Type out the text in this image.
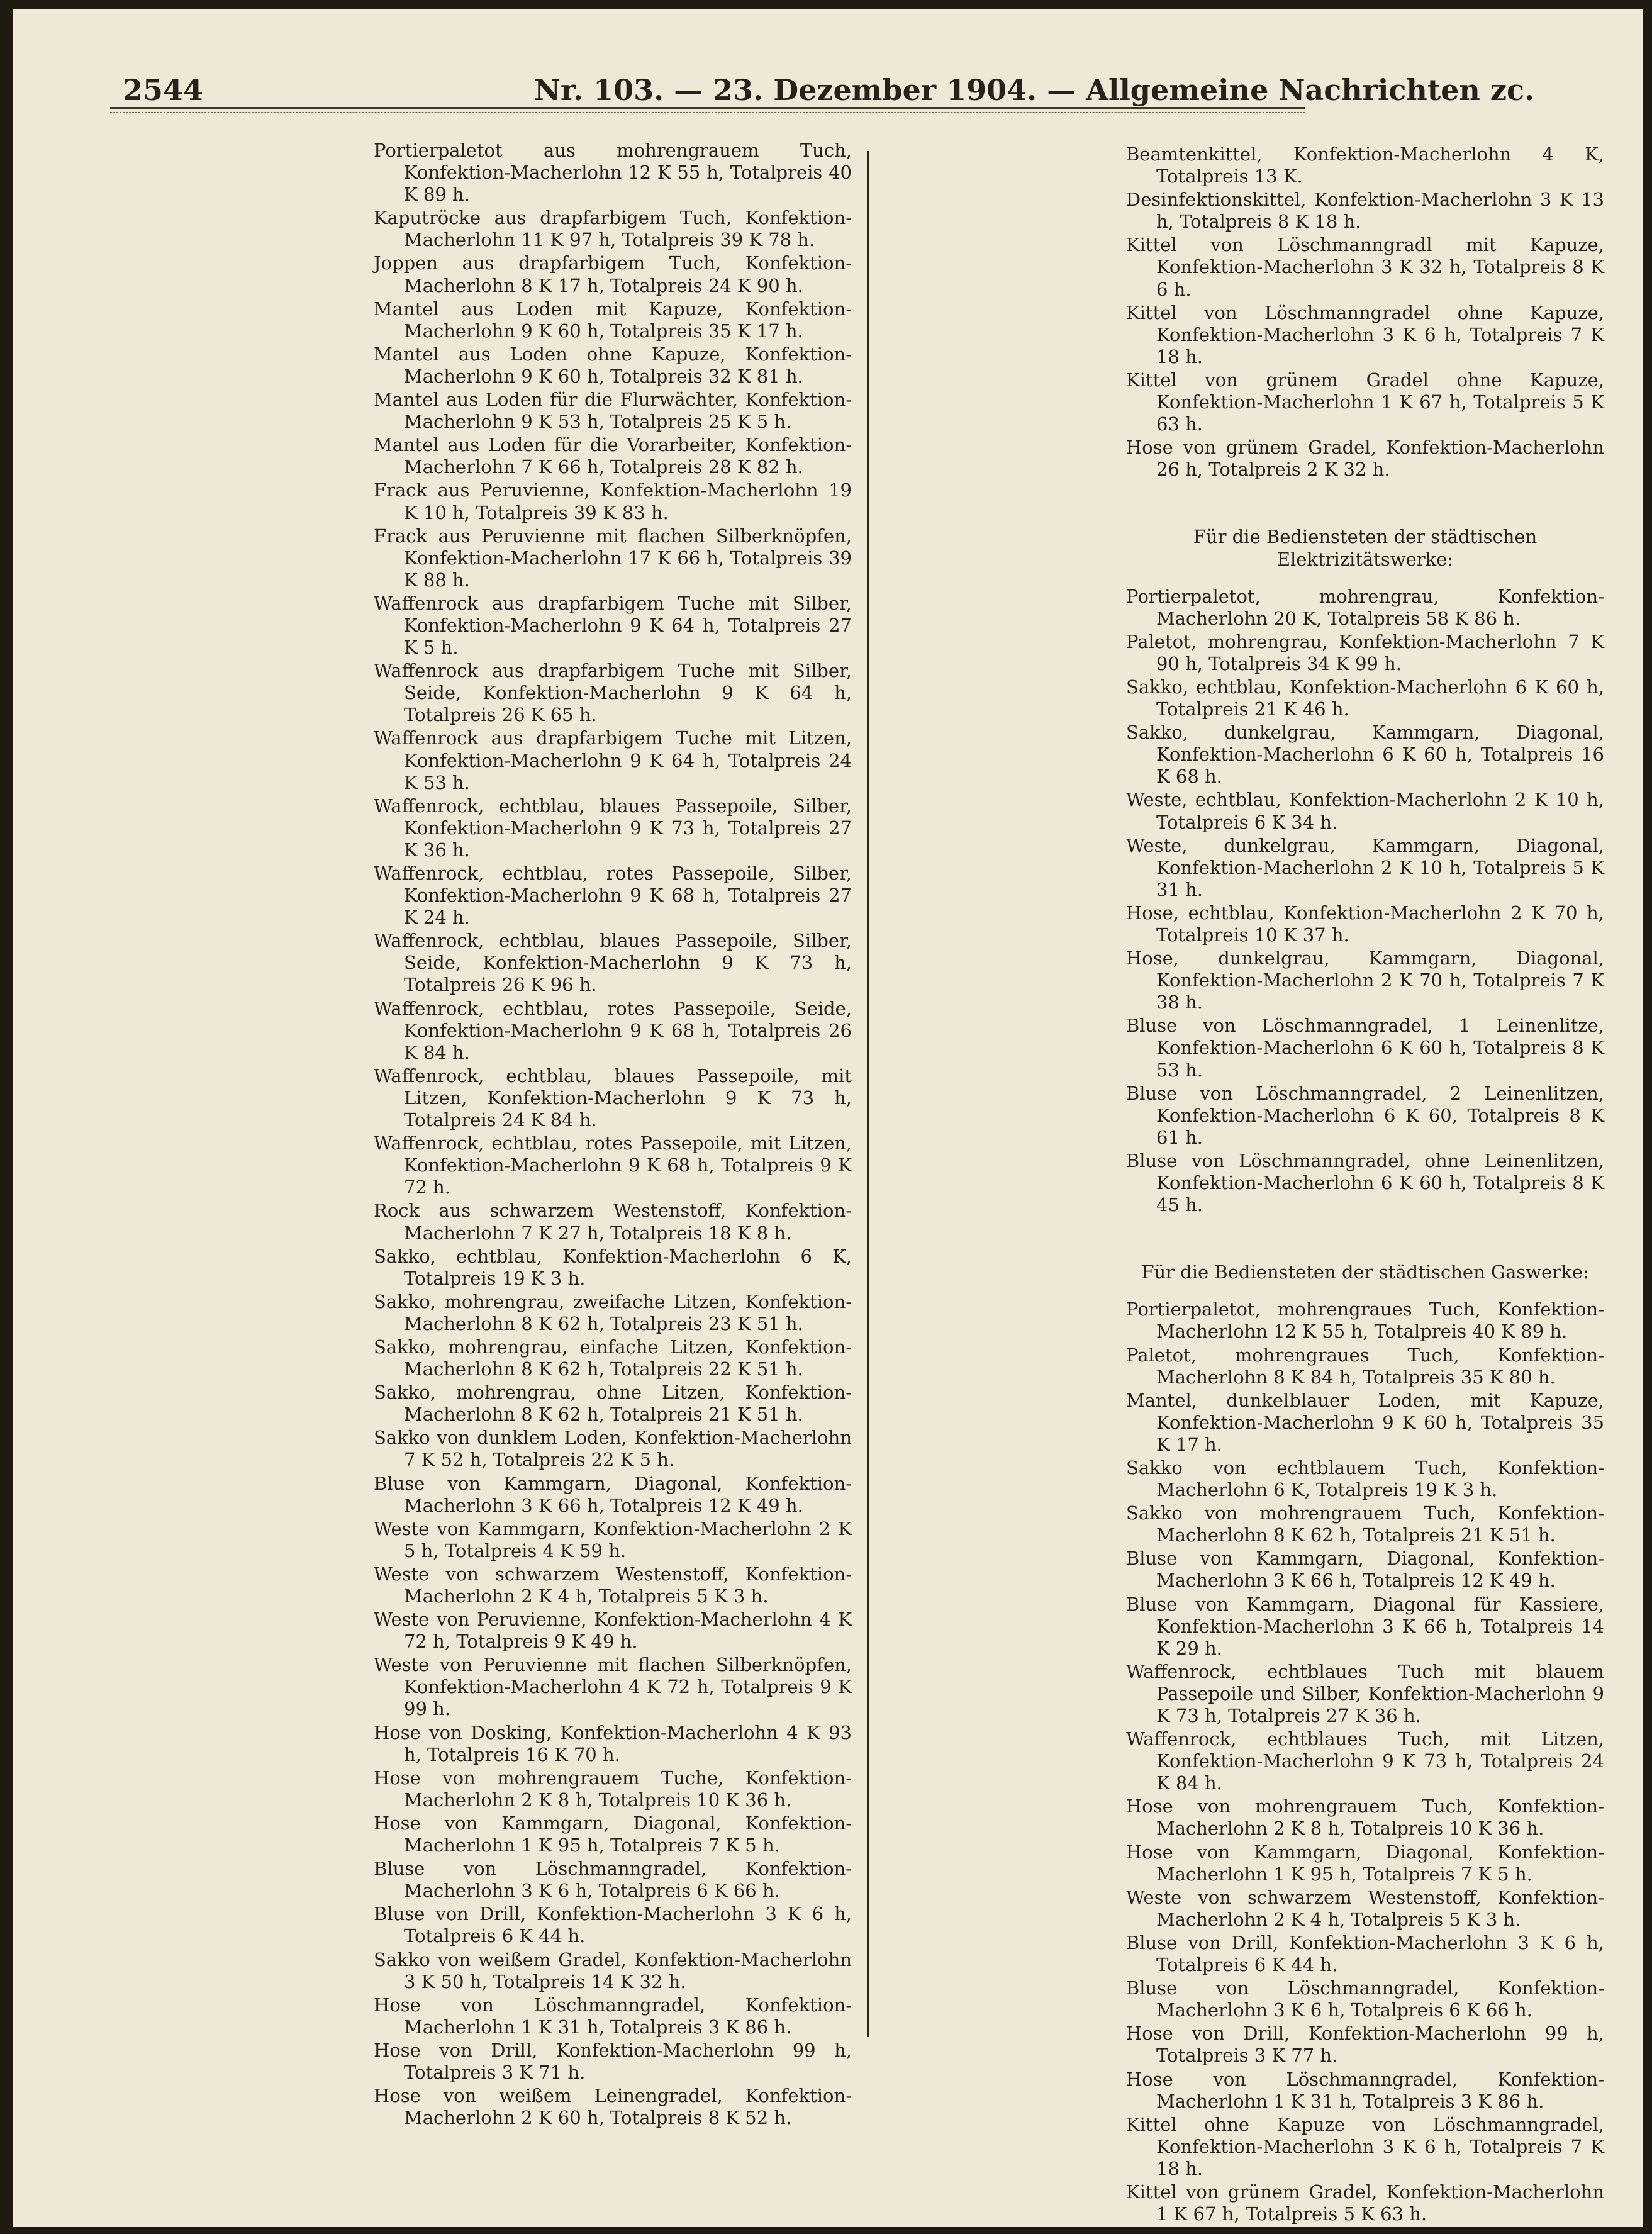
2544	Nr. 103. — 23. Dezember 1904. — Allgemeine Nachrichten zc.

Portierpaletot aus mohrengrauem Tuch, Konfektion-Macherlohn 12 K 55 h, Totalpreis 40 K 89 h.

Kaputröcke aus drapfarbigem Tuch, Konfektion-Macherlohn 11 K 97 h, Totalpreis 39 K 78 h.

Joppen aus drapfarbigem Tuch, Konfektion-Macherlohn 8 K 17 h, Totalpreis 24 K 90 h.

Mantel aus Loden mit Kapuze, Konfektion-Macherlohn 9 K 60 h, Totalpreis 35 K 17 h.

Mantel aus Loden ohne Kapuze, Konfektion-Macherlohn 9 K 60 h, Totalpreis 32 K 81 h.

Mantel aus Loden für die Flurwächter, Konfektion-Macherlohn 9 K 53 h, Totalpreis 25 K 5 h.

Mantel aus Loden für die Vorarbeiter, Konfektion-Macherlohn 7 K 66 h, Totalpreis 28 K 82 h.

Frack aus Peruvienne, Konfektion-Macherlohn 19 K 10 h, Totalpreis 39 K 83 h.

Frack aus Peruvienne mit flachen Silberknöpfen, Konfektion-Macherlohn 17 K 66 h, Totalpreis 39 K 88 h.

Waffenrock aus drapfarbigem Tuche mit Silber, Konfektion-Macherlohn 9 K 64 h, Totalpreis 27 K 5 h.

Waffenrock aus drapfarbigem Tuche mit Silber, Seide, Konfektion-Macherlohn 9 K 64 h, Totalpreis 26 K 65 h.

Waffenrock aus drapfarbigem Tuche mit Litzen, Konfektion-Macherlohn 9 K 64 h, Totalpreis 24 K 53 h.

Waffenrock, echtblau, blaues Passepoile, Silber, Konfektion-Macherlohn 9 K 73 h, Totalpreis 27 K 36 h.

Waffenrock, echtblau, rotes Passepoile, Silber, Konfektion-Macherlohn 9 K 68 h, Totalpreis 27 K 24 h.

Waffenrock, echtblau, blaues Passepoile, Silber, Seide, Konfektion-Macherlohn 9 K 73 h, Totalpreis 26 K 96 h.

Waffenrock, echtblau, rotes Passepoile, Seide, Konfektion-Macherlohn 9 K 68 h, Totalpreis 26 K 84 h.

Waffenrock, echtblau, blaues Passepoile, mit Litzen, Konfektion-Macherlohn 9 K 73 h, Totalpreis 24 K 84 h.

Waffenrock, echtblau, rotes Passepoile, mit Litzen, Konfektion-Macherlohn 9 K 68 h, Totalpreis 9 K 72 h.

Rock aus schwarzem Westenstoff, Konfektion-Macherlohn 7 K 27 h, Totalpreis 18 K 8 h.

Sakko, echtblau, Konfektion-Macherlohn 6 K, Totalpreis 19 K 3 h.

Sakko, mohrengrau, zweifache Litzen, Konfektion-Macherlohn 8 K 62 h, Totalpreis 23 K 51 h.

Sakko, mohrengrau, einfache Litzen, Konfektion-Macherlohn 8 K 62 h, Totalpreis 22 K 51 h.

Sakko, mohrengrau, ohne Litzen, Konfektion-Macherlohn 8 K 62 h, Totalpreis 21 K 51 h.

Sakko von dunklem Loden, Konfektion-Macherlohn 7 K 52 h, Totalpreis 22 K 5 h.

Bluse von Kammgarn, Diagonal, Konfektion-Macherlohn 3 K 66 h, Totalpreis 12 K 49 h.

Weste von Kammgarn, Konfektion-Macherlohn 2 K 5 h, Totalpreis 4 K 59 h.

Weste von schwarzem Westenstoff, Konfektion-Macherlohn 2 K 4 h, Totalpreis 5 K 3 h.

Weste von Peruvienne, Konfektion-Macherlohn 4 K 72 h, Totalpreis 9 K 49 h.

Weste von Peruvienne mit flachen Silberknöpfen, Konfektion-Macherlohn 4 K 72 h, Totalpreis 9 K 99 h.

Hose von Dosking, Konfektion-Macherlohn 4 K 93 h, Totalpreis 16 K 70 h.

Hose von mohrengrauem Tuche, Konfektion-Macherlohn 2 K 8 h, Totalpreis 10 K 36 h.

Hose von Kammgarn, Diagonal, Konfektion-Macherlohn 1 K 95 h, Totalpreis 7 K 5 h.

Bluse von Löschmanngradel, Konfektion-Macherlohn 3 K 6 h, Totalpreis 6 K 66 h.

Bluse von Drill, Konfektion-Macherlohn 3 K 6 h, Totalpreis 6 K 44 h.

Sakko von weißem Gradel, Konfektion-Macherlohn 3 K 50 h, Totalpreis 14 K 32 h.

Hose von Löschmanngradel, Konfektion-Macherlohn 1 K 31 h, Totalpreis 3 K 86 h.

Hose von Drill, Konfektion-Macherlohn 99 h, Totalpreis 3 K 71 h.

Hose von weißem Leinengradel, Konfektion-Macherlohn 2 K 60 h, Totalpreis 8 K 52 h.

Beamtenkittel, Konfektion-Macherlohn 4 K, Totalpreis 13 K.

Desinfektionskittel, Konfektion-Macherlohn 3 K 13 h, Totalpreis 8 K 18 h.

Kittel von Löschmanngradl mit Kapuze, Konfektion-Macherlohn 3 K 32 h, Totalpreis 8 K 6 h.

Kittel von Löschmanngradel ohne Kapuze, Konfektion-Macherlohn 3 K 6 h, Totalpreis 7 K 18 h.

Kittel von grünem Gradel ohne Kapuze, Konfektion-Macherlohn 1 K 67 h, Totalpreis 5 K 63 h.

Hose von grünem Gradel, Konfektion-Macherlohn 26 h, Totalpreis 2 K 32 h.

Für die Bediensteten der städtischen Elektrizitätswerke:

Portierpaletot, mohrengrau, Konfektion-Macherlohn 20 K, Totalpreis 58 K 86 h.

Paletot, mohrengrau, Konfektion-Macherlohn 7 K 90 h, Totalpreis 34 K 99 h.

Sakko, echtblau, Konfektion-Macherlohn 6 K 60 h, Totalpreis 21 K 46 h.

Sakko, dunkelgrau, Kammgarn, Diagonal, Konfektion-Macherlohn 6 K 60 h, Totalpreis 16 K 68 h.

Weste, echtblau, Konfektion-Macherlohn 2 K 10 h, Totalpreis 6 K 34 h.

Weste, dunkelgrau, Kammgarn, Diagonal, Konfektion-Macherlohn 2 K 10 h, Totalpreis 5 K 31 h.

Hose, echtblau, Konfektion-Macherlohn 2 K 70 h, Totalpreis 10 K 37 h.

Hose, dunkelgrau, Kammgarn, Diagonal, Konfektion-Macherlohn 2 K 70 h, Totalpreis 7 K 38 h.

Bluse von Löschmanngradel, 1 Leinenlitze, Konfektion-Macherlohn 6 K 60 h, Totalpreis 8 K 53 h.

Bluse von Löschmanngradel, 2 Leinenlitzen, Konfektion-Macherlohn 6 K 60, Totalpreis 8 K 61 h.

Bluse von Löschmanngradel, ohne Leinenlitzen, Konfektion-Macherlohn 6 K 60 h, Totalpreis 8 K 45 h.

Für die Bediensteten der städtischen Gaswerke:

Portierpaletot, mohrengraues Tuch, Konfektion-Macherlohn 12 K 55 h, Totalpreis 40 K 89 h.

Paletot, mohrengraues Tuch, Konfektion-Macherlohn 8 K 84 h, Totalpreis 35 K 80 h.

Mantel, dunkelblauer Loden, mit Kapuze, Konfektion-Macherlohn 9 K 60 h, Totalpreis 35 K 17 h.

Sakko von echtblauem Tuch, Konfektion-Macherlohn 6 K, Totalpreis 19 K 3 h.

Sakko von mohrengrauem Tuch, Konfektion-Macherlohn 8 K 62 h, Totalpreis 21 K 51 h.

Bluse von Kammgarn, Diagonal, Konfektion-Macherlohn 3 K 66 h, Totalpreis 12 K 49 h.

Bluse von Kammgarn, Diagonal für Kassiere, Konfektion-Macherlohn 3 K 66 h, Totalpreis 14 K 29 h.

Waffenrock, echtblaues Tuch mit blauem Passepoile und Silber, Konfektion-Macherlohn 9 K 73 h, Totalpreis 27 K 36 h.

Waffenrock, echtblaues Tuch, mit Litzen, Konfektion-Macherlohn 9 K 73 h, Totalpreis 24 K 84 h.

Hose von mohrengrauem Tuch, Konfektion-Macherlohn 2 K 8 h, Totalpreis 10 K 36 h.

Hose von Kammgarn, Diagonal, Konfektion-Macherlohn 1 K 95 h, Totalpreis 7 K 5 h.

Weste von schwarzem Westenstoff, Konfektion-Macherlohn 2 K 4 h, Totalpreis 5 K 3 h.

Bluse von Drill, Konfektion-Macherlohn 3 K 6 h, Totalpreis 6 K 44 h.

Bluse von Löschmanngradel, Konfektion-Macherlohn 3 K 6 h, Totalpreis 6 K 66 h.

Hose von Drill, Konfektion-Macherlohn 99 h, Totalpreis 3 K 77 h.

Hose von Löschmanngradel, Konfektion-Macherlohn 1 K 31 h, Totalpreis 3 K 86 h.

Kittel ohne Kapuze von Löschmanngradel, Konfektion-Macherlohn 3 K 6 h, Totalpreis 7 K 18 h.

Kittel von grünem Gradel, Konfektion-Macherlohn 1 K 67 h, Totalpreis 5 K 63 h.
